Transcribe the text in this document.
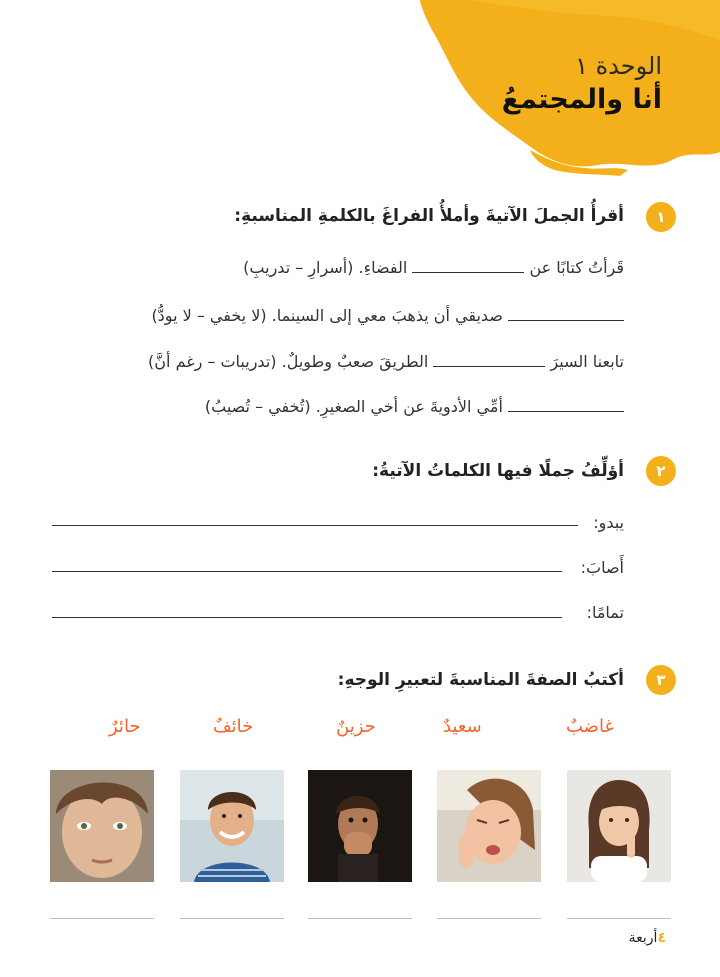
الوحدة ١
أنا والمجتمعُ
١
أقرأُ الجملَ الآتيةَ وأملأُ الفراغَ بالكلمةِ المناسبةِ:
قَرأتُ كتابًا عن  الفضاءِ. (أسرارِ – تدريبِ)
صديقي أن يذهبَ معي إلى السينما. (لا يخفي – لا يودُّ)
تابعنا السيرَ  الطريقَ صعبٌ وطويلٌ. (تدريبات – رغم أنَّ)
أمِّي الأدويةَ عن أخي الصغيرِ. (تُخفي – تُصيبُ)
٢
أؤلِّفُ جملًا فيها الكلماتُ الآتيةُ:
يبدو:
أَصابَ:
تمامًا:
٣
أكتبُ الصفةَ المناسبةَ لتعبيرِ الوجهِ:
غاضبٌ
سعيدٌ
حزينٌ
خائفٌ
حائرٌ
٤أربعة
